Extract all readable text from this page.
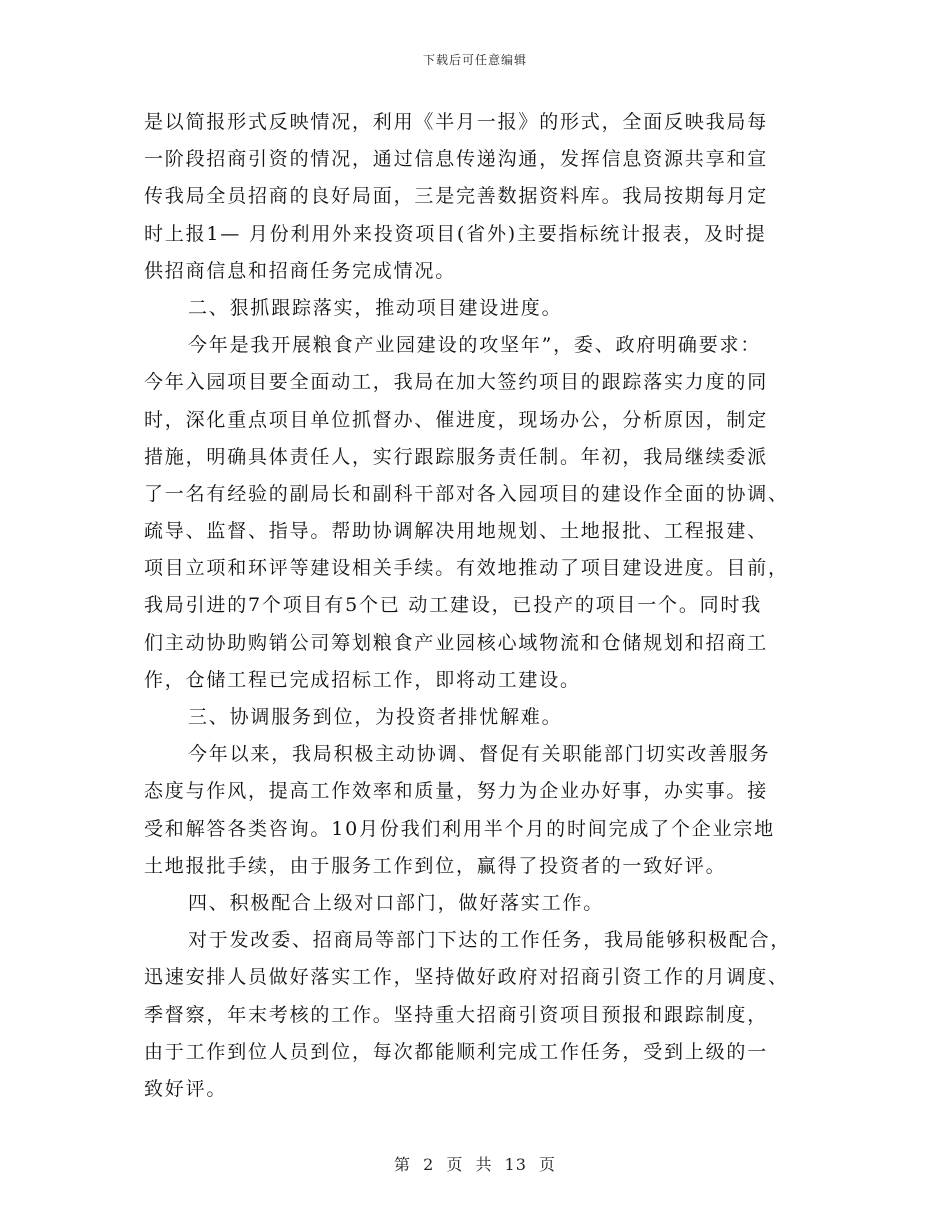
下载后可任意编辑
是以简报形式反映情况，利用《半月一报》的形式，全面反映我局每
一阶段招商引资的情况，通过信息传递沟通，发挥信息资源共享和宣
传我局全员招商的良好局面，三是完善数据资料库。我局按期每月定
时上报1— 月份利用外来投资项目(省外)主要指标统计报表，及时提
供招商信息和招商任务完成情况。
二、狠抓跟踪落实，推动项目建设进度。
今年是我开展粮食产业园建设的攻坚年”，委、政府明确要求：
今年入园项目要全面动工，我局在加大签约项目的跟踪落实力度的同
时，深化重点项目单位抓督办、催进度，现场办公，分析原因，制定
措施，明确具体责任人，实行跟踪服务责任制。年初，我局继续委派
了一名有经验的副局长和副科干部对各入园项目的建设作全面的协调、
疏导、监督、指导。帮助协调解决用地规划、土地报批、工程报建、
项目立项和环评等建设相关手续。有效地推动了项目建设进度。目前，
我局引进的7个项目有5个已 动工建设，已投产的项目一个。同时我
们主动协助购销公司筹划粮食产业园核心域物流和仓储规划和招商工
作，仓储工程已完成招标工作，即将动工建设。
三、协调服务到位，为投资者排忧解难。
今年以来，我局积极主动协调、督促有关职能部门切实改善服务
态度与作风，提高工作效率和质量，努力为企业办好事，办实事。接
受和解答各类咨询。10月份我们利用半个月的时间完成了个企业宗地
土地报批手续，由于服务工作到位，赢得了投资者的一致好评。
四、积极配合上级对口部门，做好落实工作。
对于发改委、招商局等部门下达的工作任务，我局能够积极配合，
迅速安排人员做好落实工作，坚持做好政府对招商引资工作的月调度、
季督察，年末考核的工作。坚持重大招商引资项目预报和跟踪制度，
由于工作到位人员到位，每次都能顺利完成工作任务，受到上级的一
致好评。
第 2 页 共 13 页
